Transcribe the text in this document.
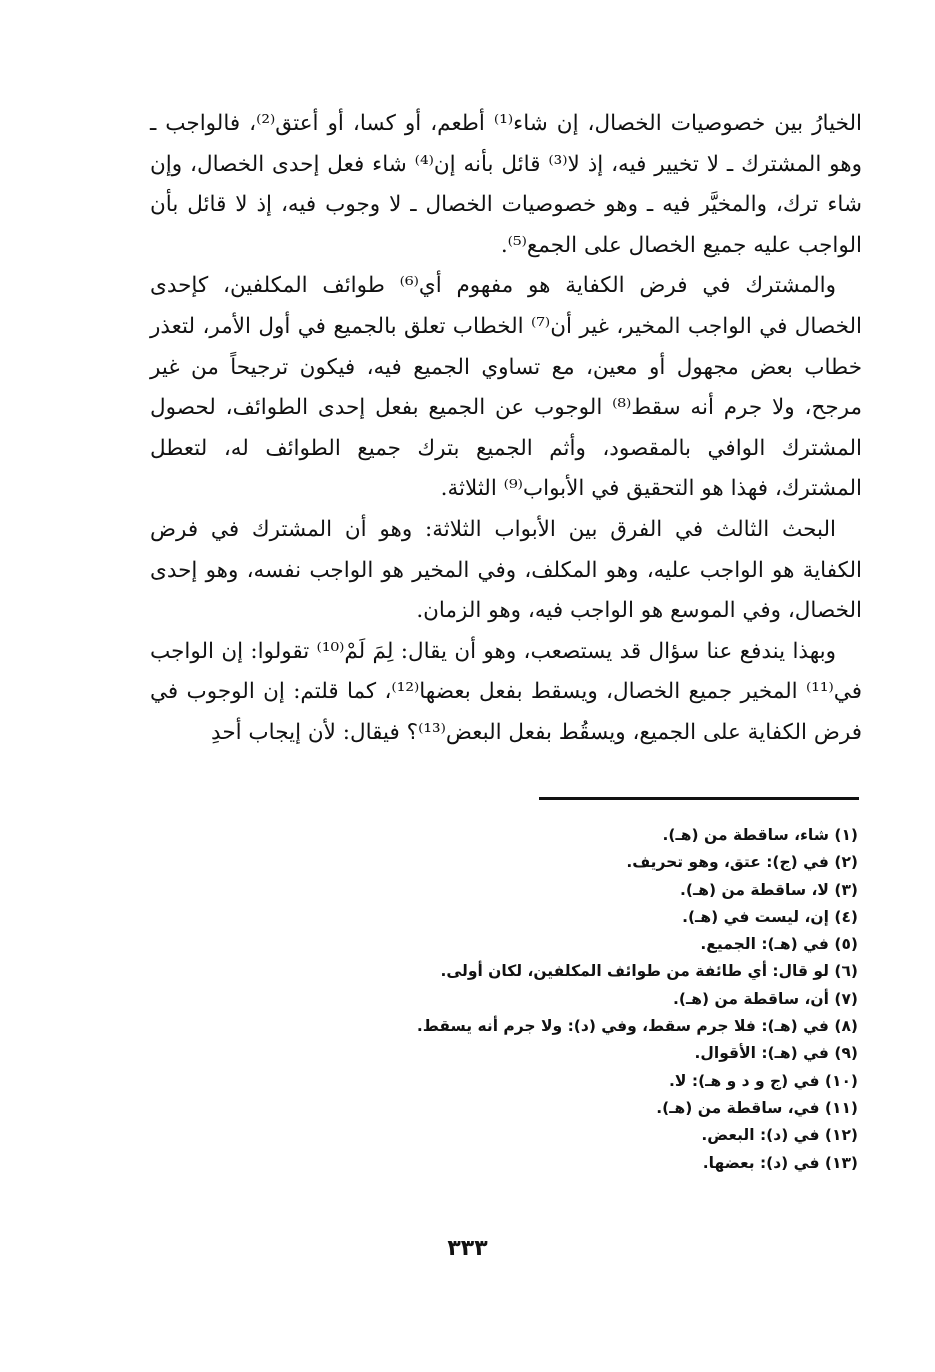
الخيارُ بين خصوصيات الخصال، إن شاء⁽¹⁾ أطعم، أو كسا، أو أعتق⁽²⁾، فالواجب ـ وهو المشترك ـ لا تخيير فيه، إذ لا⁽³⁾ قائل بأنه إن⁽⁴⁾ شاء فعل إحدى الخصال، وإن شاء ترك، والمخيَّر فيه ـ وهو خصوصيات الخصال ـ لا وجوب فيه، إذ لا قائل بأن الواجب عليه جميع الخصال على الجمع⁽⁵⁾.

والمشترك في فرض الكفاية هو مفهوم أي⁽⁶⁾ طوائف المكلفين، كإحدى الخصال في الواجب المخير، غير أن⁽⁷⁾ الخطاب تعلق بالجميع في أول الأمر، لتعذر خطاب بعض مجهول أو معين، مع تساوي الجميع فيه، فيكون ترجيحاً من غير مرجح، ولا جرم أنه سقط⁽⁸⁾ الوجوب عن الجميع بفعل إحدى الطوائف، لحصول المشترك الوافي بالمقصود، وأثم الجميع بترك جميع الطوائف له، لتعطل المشترك، فهذا هو التحقيق في الأبواب⁽⁹⁾ الثلاثة.

البحث الثالث في الفرق بين الأبواب الثلاثة: وهو أن المشترك في فرض الكفاية هو الواجب عليه، وهو المكلف، وفي المخير هو الواجب نفسه، وهو إحدى الخصال، وفي الموسع هو الواجب فيه، وهو الزمان.

وبهذا يندفع عنا سؤال قد يستصعب، وهو أن يقال: لِمَ لَمْ⁽¹⁰⁾ تقولوا: إن الواجب في⁽¹¹⁾ المخير جميع الخصال، ويسقط بفعل بعضها⁽¹²⁾، كما قلتم: إن الوجوب في فرض الكفاية على الجميع، ويسقُط بفعل البعض⁽¹³⁾؟ فيقال: لأن إيجاب أحدِ

(١) شاء، ساقطة من (هـ).
(٢) في (ج): عتق، وهو تحريف.
(٣) لا، ساقطة من (هـ).
(٤) إن، ليست في (هـ).
(٥) في (هـ): الجميع.
(٦) لو قال: أي طائفة من طوائف المكلفين، لكان أولى.
(٧) أن، ساقطة من (هـ).
(٨) في (هـ): فلا جرم سقط، وفي (د): ولا جرم أنه يسقط.
(٩) في (هـ): الأقوال.
(١٠) في (ج و د و هـ): لا.
(١١) في، ساقطة من (هـ).
(١٢) في (د): البعض.
(١٣) في (د): بعضها.
٣٣٣
